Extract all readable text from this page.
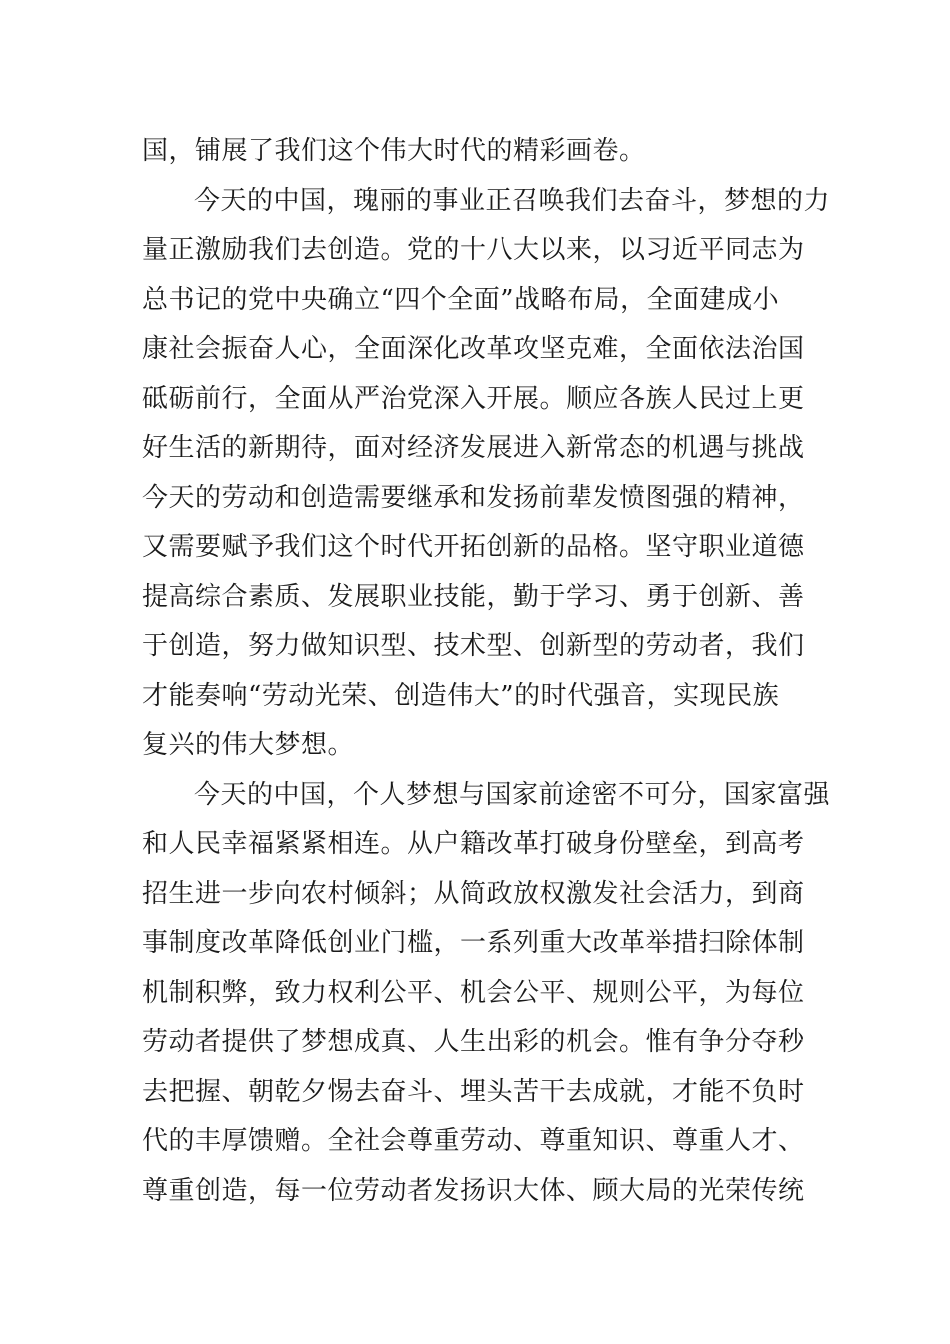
国，铺展了我们这个伟大时代的精彩画卷。
今天的中国，瑰丽的事业正召唤我们去奋斗，梦想的力
量正激励我们去创造。党的十八大以来，以习近平同志为
总书记的党中央确立“四个全面”战略布局，全面建成小
康社会振奋人心，全面深化改革攻坚克难，全面依法治国
砥砺前行，全面从严治党深入开展。顺应各族人民过上更
好生活的新期待，面对经济发展进入新常态的机遇与挑战
今天的劳动和创造需要继承和发扬前辈发愤图强的精神，
又需要赋予我们这个时代开拓创新的品格。坚守职业道德
提高综合素质、发展职业技能，勤于学习、勇于创新、善
于创造，努力做知识型、技术型、创新型的劳动者，我们
才能奏响“劳动光荣、创造伟大”的时代强音，实现民族
复兴的伟大梦想。
今天的中国，个人梦想与国家前途密不可分，国家富强
和人民幸福紧紧相连。从户籍改革打破身份壁垒，到高考
招生进一步向农村倾斜；从简政放权激发社会活力，到商
事制度改革降低创业门槛，一系列重大改革举措扫除体制
机制积弊，致力权利公平、机会公平、规则公平，为每位
劳动者提供了梦想成真、人生出彩的机会。惟有争分夺秒
去把握、朝乾夕惕去奋斗、埋头苦干去成就，才能不负时
代的丰厚馈赠。全社会尊重劳动、尊重知识、尊重人才、
尊重创造，每一位劳动者发扬识大体、顾大局的光荣传统
